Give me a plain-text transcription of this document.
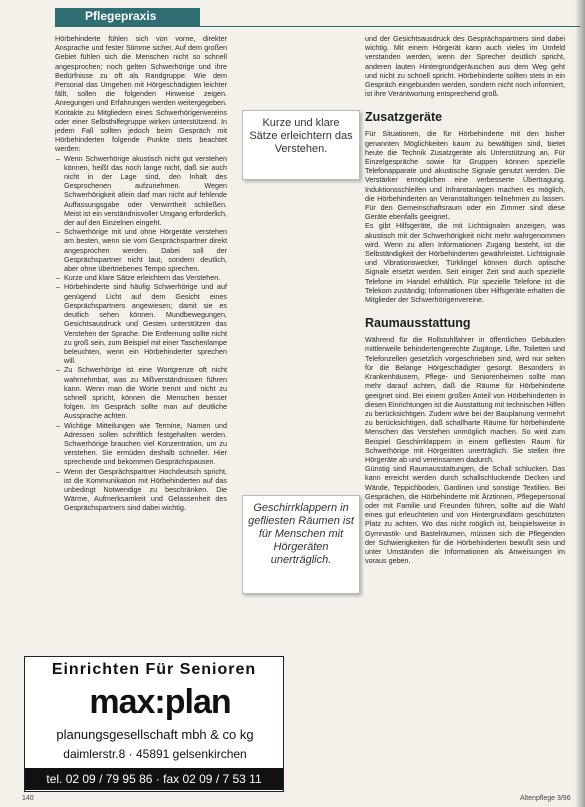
Pflegepraxis

Hörbehinderte fühlen sich von vorne, direkter Ansprache und fester Stimme sicher. Auf dem großen Gebiet fühlen sich die Menschen nicht so schnell angesprochen; noch gelten Schwerhörige und ihre Bedürfnisse zu oft als Randgruppe. Wie dem Personal das Umgehen mit Hörgeschädigten leichter fällt, sollen die folgenden Hinweise zeigen. Anregungen und Erfahrungen werden weitergegeben. Kontakte zu Mitgliedern eines Schwerhörigenvereins oder einer Selbsthilfegruppe wirken unterstützend. In jedem Fall sollten jedoch beim Gespräch mit Hörbehinderten folgende Punkte stets beachtet werden:

– Wenn Schwerhörige akustisch nicht gut verstehen können, heißt das noch lange nicht, daß sie auch nicht in der Lage sind, den Inhalt des Gesprochenen aufzunehmen. Wegen Schwerhörigkeit allein darf man nicht auf fehlende Auffassungsgabe oder Verwirrtheit schließen. Meist ist ein verständnisvoller Umgang erforderlich, der auf den Einzelnen eingeht.
– Schwerhörige mit und ohne Hörgeräte verstehen am besten, wenn sie vom Gesprächspartner direkt angesprochen werden. Dabei soll der Gesprächspartner nicht laut, sondern deutlich, aber ohne übertriebenes Tempo sprechen.
– Kurze und klare Sätze erleichtern das Verstehen.
– Hörbehinderte sind häufig Schwerhörige und auf genügend Licht auf dem Gesicht eines Gesprächspartners angewiesen; damit sie es deutlich sehen können. Mundbewegungen, Gesichtsausdruck und Gesten unterstützen das Verstehen der Sprache. Die Entfernung sollte nicht zu groß sein, zum Beispiel mit einer Taschenlampe beleuchten, wenn ein Hörbehinderter sprechen will.
– Zu Schwerhörige ist eine Wortgrenze oft nicht wahrnehmbar, was zu Mißverständnissen führen kann. Wenn man die Worte trennt und nicht zu schnell spricht, können die Menschen besser folgen. Im Gespräch sollte man auf deutliche Aussprache achten.
– Wichtige Mitteilungen wie Termine, Namen und Adressen sollen schriftlich festgehalten werden. Schwerhörige brauchen viel Konzentration, um zu verstehen. Sie ermüden deshalb schneller. Hier sprechende und bekommen Gesprächspausen.
– Wenn der Gesprächspartner Hochdeutsch spricht, ist die Kommunikation mit Hörbehinderten auf das unbedingt Notwendige zu beschränken. Die Wärme, Aufmerksamkeit und Gelassenheit des Gesprächspartners sind dabei wichtig.
Kurze und klare Sätze erleichtern das Verstehen.
Geschirrklappern in gefliesten Räumen ist für Menschen mit Hörgeräten unerträglich.

und der Gesichtsausdruck des Gesprächspartners sind dabei wichtig. Mit einem Hörgerät kann auch vieles im Umfeld verstanden werden, wenn der Sprecher deutlich spricht, anderen lauten Hintergrundgeräuschen aus dem Weg geht und nicht zu schnell spricht. Hörbehinderte sollten stets in ein Gespräch eingebunden werden, sondern nicht noch informiert, ist ihre Verantwortung entsprechend groß.

Zusatzgeräte

Für Situationen, die für Hörbehinderte mit den bisher genannten Möglichkeiten kaum zu bewältigen sind, bietet heute die Technik Zusatzgeräte als Unterstützung an. Für Einzelgespräche sowie für Gruppen können spezielle Telefonapparate und akustische Signale genutzt werden. Die Verstärker ermöglichen eine verbesserte Übertragung. Induktionsschleifen und Infrarotanlagen machen es möglich, die Hörbehinderten an Veranstaltungen teilnehmen zu lassen. Für den Gemeinschaftsraum oder ein Zimmer sind diese Geräte ebenfalls geeignet.

Es gibt Hilfsgeräte, die mit Lichtsignalen anzeigen, was akustisch mit der Schwerhörigkeit nicht mehr wahrgenommen wird. Wenn zu allen Informationen Zugang besteht, ist die Selbständigkeit der Hörbehinderten gewährleistet. Lichtsignale und Vibrationswecker, Türklingel können durch optische Signale ersetzt werden. Seit einiger Zeit sind auch spezielle Telefone im Handel erhältlich. Für spezielle Telefone ist die Telekom zuständig; Informationen über Hilfsgeräte erhalten die Mitglieder der Schwerhörigenvereine.

Raumausstattung

Während für die Rollstuhlfahrer in öffentlichen Gebäuden mittlerweile behindertengerechte Zugänge, Lifte, Toiletten und Telefonzellen gesetzlich vorgeschrieben sind, wird nur selten für die Belange Hörgeschädigter gesorgt. Besonders in Krankenhäusern, Pflege- und Seniorenheimen sollte man mehr darauf achten, daß die Räume für Hörbehinderte geeignet sind. Bei einem großen Anteil von Hörbehinderten in diesen Einrichtungen ist die Ausstattung mit technischen Hilfen zu berücksichtigen. Zudem wäre bei der Bauplanung vermehrt zu berücksichtigen, daß schallharte Räume für hörbehinderte Menschen das Verstehen unmöglich machen. So wird zum Beispiel Geschirrklappern in einem gefliesten Raum für Schwerhörige mit Hörgeräten unerträglich. Sie stellen ihre Hörgeräte ab und vereinsamen dadurch.

Günstig sind Raumausstattungen, die Schall schlucken. Das kann erreicht werden durch schallschluckende Decken und Wände, Teppichboden, Gardinen und sonstige Textilien. Bei Gesprächen, die Hörbehinderte mit Ärztinnen, Pflegepersonal oder mit Familie und Freunden führen, sollte auf die Wahl eines gut erleuchteten und von Hintergrundlärm geschützten Platz zu achten. Wo das nicht möglich ist, beispielsweise in Gymnastik- und Bastelräumen, müssen sich die Pflegenden der Schwierigkeiten für die Hörbehinderten bewußt sein und unter Umständen die Informationen als Anweisungen im voraus geben.

Einrichten Für Senioren
max:plan
planungsgesellschaft mbh & co kg
daimlerstr.8 · 45891 gelsenkirchen
tel. 02 09 / 79 95 86 · fax 02 09 / 7 53 11
140	Altenpflege 3/96
